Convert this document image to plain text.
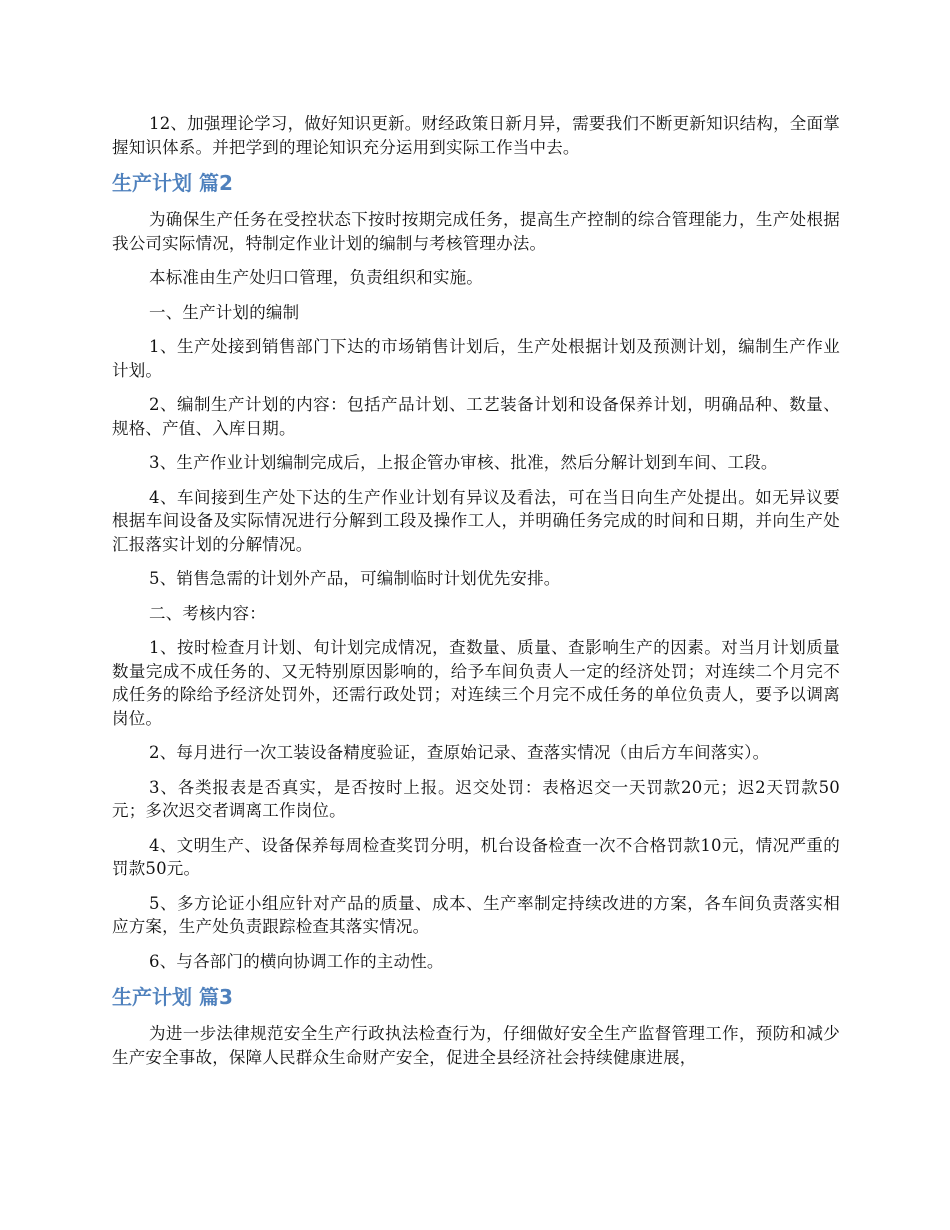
12、加强理论学习，做好知识更新。财经政策日新月异，需要我们不断更新知识结构，全面掌握知识体系。并把学到的理论知识充分运用到实际工作当中去。

生产计划 篇2

为确保生产任务在受控状态下按时按期完成任务，提高生产控制的综合管理能力，生产处根据我公司实际情况，特制定作业计划的编制与考核管理办法。

本标准由生产处归口管理，负责组织和实施。

一、生产计划的编制

1、生产处接到销售部门下达的市场销售计划后，生产处根据计划及预测计划，编制生产作业计划。

2、编制生产计划的内容：包括产品计划、工艺装备计划和设备保养计划，明确品种、数量、规格、产值、入库日期。

3、生产作业计划编制完成后，上报企管办审核、批准，然后分解计划到车间、工段。

4、车间接到生产处下达的生产作业计划有异议及看法，可在当日向生产处提出。如无异议要根据车间设备及实际情况进行分解到工段及操作工人，并明确任务完成的时间和日期，并向生产处汇报落实计划的分解情况。

5、销售急需的计划外产品，可编制临时计划优先安排。

二、考核内容：

1、按时检查月计划、旬计划完成情况，查数量、质量、查影响生产的因素。对当月计划质量数量完成不成任务的、又无特别原因影响的，给予车间负责人一定的经济处罚；对连续二个月完不成任务的除给予经济处罚外，还需行政处罚；对连续三个月完不成任务的单位负责人，要予以调离岗位。

2、每月进行一次工装设备精度验证，查原始记录、查落实情况（由后方车间落实）。

3、各类报表是否真实，是否按时上报。迟交处罚：表格迟交一天罚款20元；迟2天罚款50元；多次迟交者调离工作岗位。

4、文明生产、设备保养每周检查奖罚分明，机台设备检查一次不合格罚款10元，情况严重的罚款50元。

5、多方论证小组应针对产品的质量、成本、生产率制定持续改进的方案，各车间负责落实相应方案，生产处负责跟踪检查其落实情况。

6、与各部门的横向协调工作的主动性。

生产计划 篇3

为进一步法律规范安全生产行政执法检查行为，仔细做好安全生产监督管理工作，预防和减少生产安全事故，保障人民群众生命财产安全，促进全县经济社会持续健康进展，
